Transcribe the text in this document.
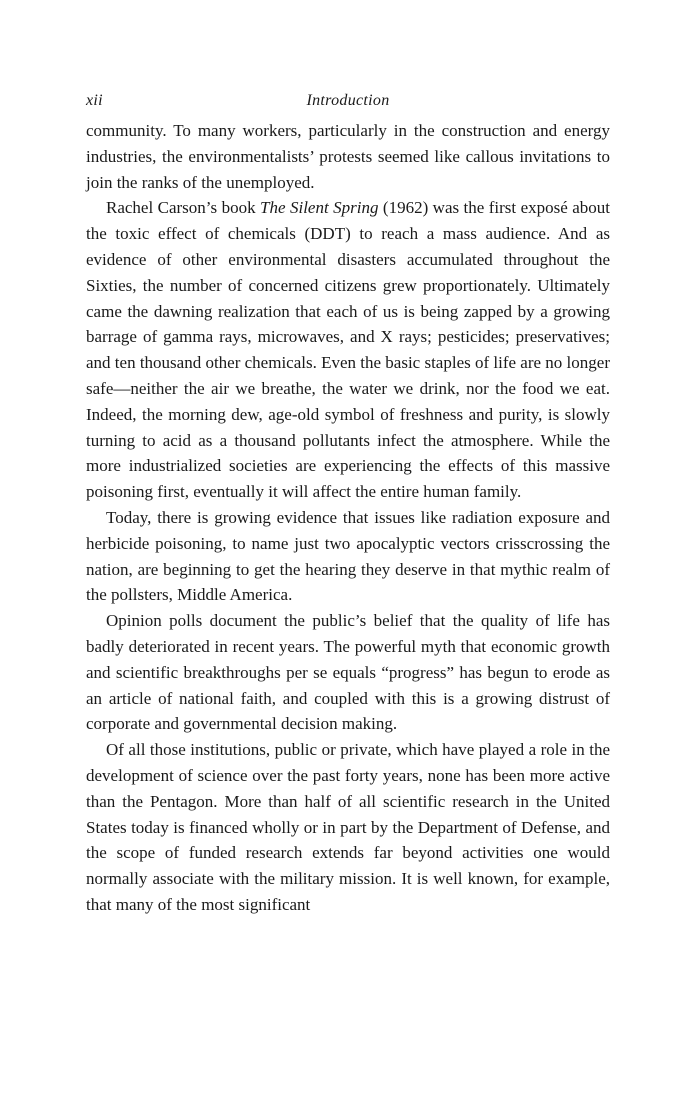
xii	Introduction

community. To many workers, particularly in the construction and energy industries, the environmentalists’ protests seemed like callous invitations to join the ranks of the unemployed.

Rachel Carson’s book The Silent Spring (1962) was the first exposé about the toxic effect of chemicals (DDT) to reach a mass audience. And as evidence of other environmental disasters accumulated throughout the Sixties, the number of concerned citizens grew proportionately. Ultimately came the dawning realization that each of us is being zapped by a growing barrage of gamma rays, microwaves, and X rays; pesticides; preservatives; and ten thousand other chemicals. Even the basic staples of life are no longer safe—neither the air we breathe, the water we drink, nor the food we eat. Indeed, the morning dew, age-old symbol of freshness and purity, is slowly turning to acid as a thousand pollutants infect the atmosphere. While the more industrialized societies are experiencing the effects of this massive poisoning first, eventually it will affect the entire human family.

Today, there is growing evidence that issues like radiation exposure and herbicide poisoning, to name just two apocalyptic vectors crisscrossing the nation, are beginning to get the hearing they deserve in that mythic realm of the pollsters, Middle America.

Opinion polls document the public’s belief that the quality of life has badly deteriorated in recent years. The powerful myth that economic growth and scientific breakthroughs per se equals “progress” has begun to erode as an article of national faith, and coupled with this is a growing distrust of corporate and governmental decision making.

Of all those institutions, public or private, which have played a role in the development of science over the past forty years, none has been more active than the Pentagon. More than half of all scientific research in the United States today is financed wholly or in part by the Department of Defense, and the scope of funded research extends far beyond activities one would normally associate with the military mission. It is well known, for example, that many of the most significant
